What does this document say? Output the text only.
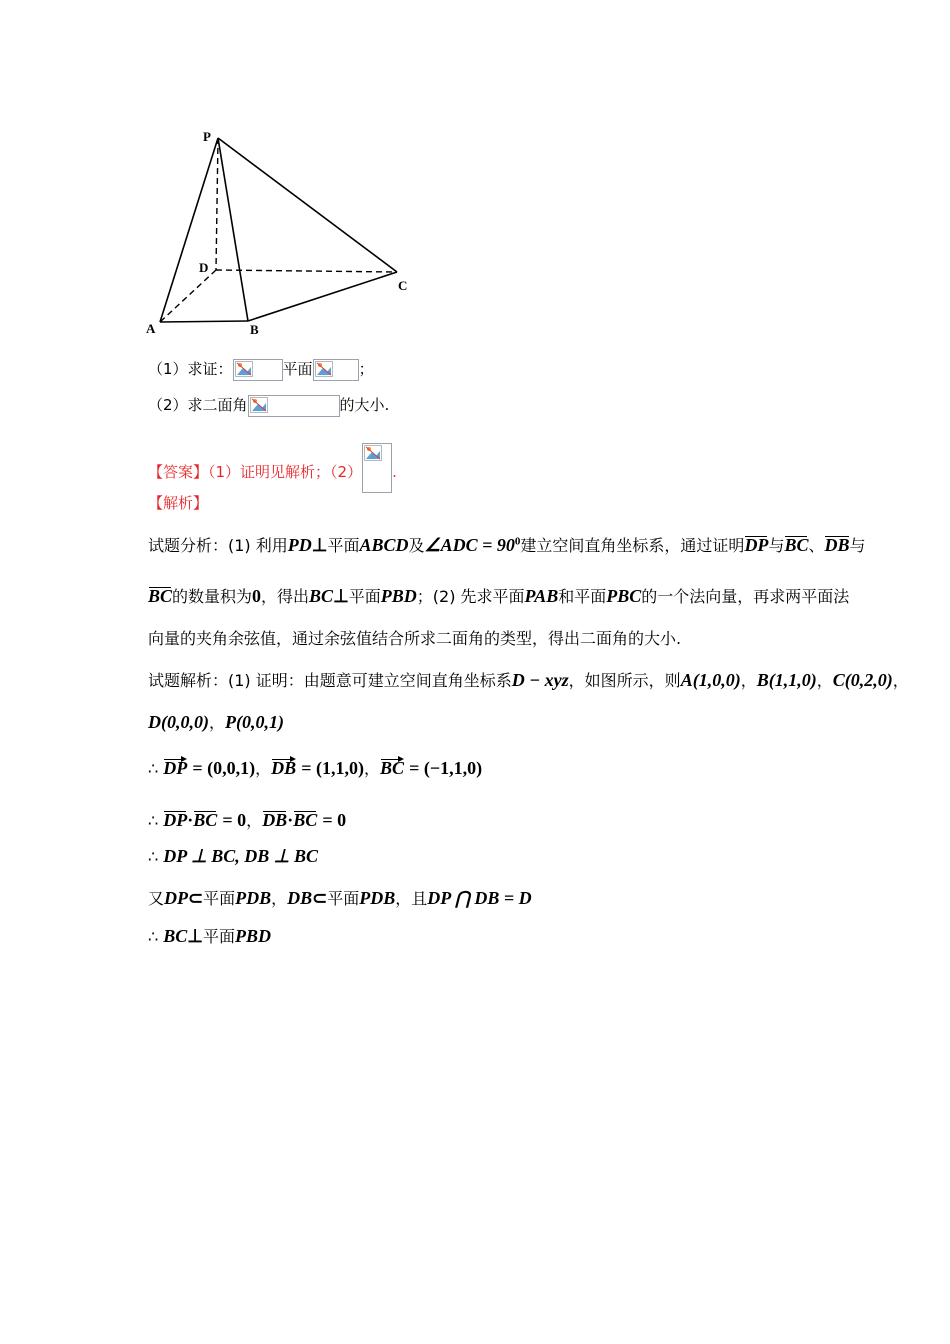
P
D
C
A	B
（1）求证：	平面	；
（2）求二面角	的大小.
【答案】（1）证明见解析；（2） .
【解析】
试题分析：(1) 利用PD⊥平面ABCD及∠ADC = $90^0$建立空间直角坐标系，通过证明DP与BC、DB与
BC的数量积为0，得出BC⊥平面PBD；(2) 先求平面PAB和平面PBC的一个法向量，再求两平面法
向量的夹角余弦值，通过余弦值结合所求二面角的类型，得出二面角的大小.
试题解析：(1) 证明：由题意可建立空间直角坐标系D − xyz，如图所示，则A(1,0,0)，B(1,1,0)，C(0,2,0)，
D(0,0,0)，P(0,0,1)
∴ DP = (0,0,1)，DB = (1,1,0)，BC = (−1,1,0)
∴ DP·BC = 0，DB·BC = 0
∴ DP ⊥ BC, DB ⊥ BC
又DP⊂平面PDB，DB⊂平面PDB，且DP ⋂ DB = D
∴ BC⊥平面PBD
